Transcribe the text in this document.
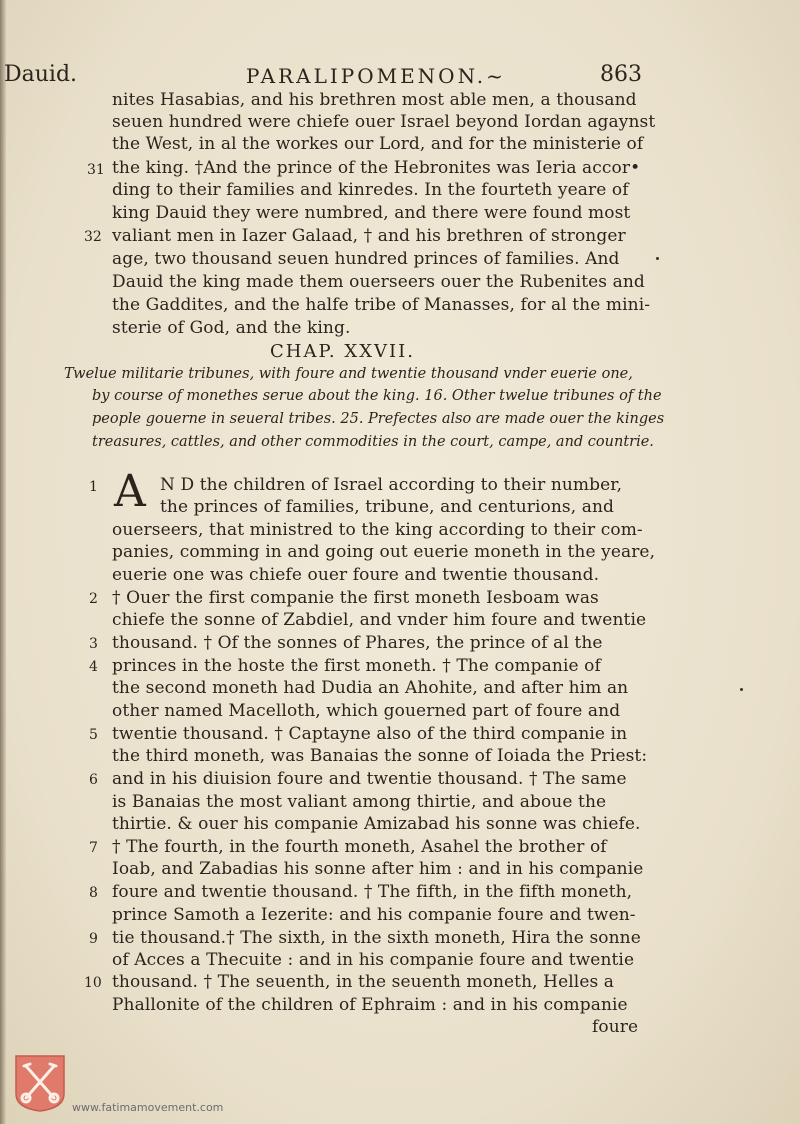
Dauid.	PARALIPOMENON.~	863
nites Hasabias, and his brethren most able men, a thousand
seuen hundred were chiefe ouer Israel beyond Iordan agaynst
the West, in al the workes our Lord, and for the ministerie of
31 the king. †And the prince of the Hebronites was Ieria accor•
ding to their families and kinredes. In the fourteth yeare of
king Dauid they were numbred, and there were found most
32 valiant men in Iazer Galaad, † and his brethren of stronger
age, two thousand seuen hundred princes of families. And
Dauid the king made them ouerseers ouer the Rubenites and
the Gaddites, and the halfe tribe of Manasses, for al the mini-
sterie of God, and the king.
CHAP. XXVII.
Twelue militarie tribunes, with foure and twentie thousand vnder euerie one,
by course of monethes serue about the king. 16. Other twelue tribunes of the
people gouerne in seueral tribes. 25. Prefectes also are made ouer the kinges
treasures, cattles, and other commodities in the court, campe, and countrie.
1 A N D the children of Israel according to their number,
the princes of families, tribune, and centurions, and
ouerseers, that ministred to the king according to their com-
panies, comming in and going out euerie moneth in the yeare,
euerie one was chiefe ouer foure and twentie thousand.
2 † Ouer the first companie the first moneth Iesboam was
chiefe the sonne of Zabdiel, and vnder him foure and twentie
3 thousand. † Of the sonnes of Phares, the prince of al the
4 princes in the hoste the first moneth. † The companie of
the second moneth had Dudia an Ahohite, and after him an
other named Macelloth, which gouerned part of foure and
5 twentie thousand. † Captayne also of the third companie in
the third moneth, was Banaias the sonne of Ioiada the Priest:
6 and in his diuision foure and twentie thousand. † The same
is Banaias the most valiant among thirtie, and aboue the
thirtie. & ouer his companie Amizabad his sonne was chiefe.
7 † The fourth, in the fourth moneth, Asahel the brother of
Ioab, and Zabadias his sonne after him : and in his companie
8 foure and twentie thousand. † The fifth, in the fifth moneth,
prince Samoth a Iezerite: and his companie foure and twen-
9 tie thousand.† The sixth, in the sixth moneth, Hira the sonne
of Acces a Thecuite : and in his companie foure and twentie
10 thousand. † The seuenth, in the seuenth moneth, Helles a
Phallonite of the children of Ephraim : and in his companie
foure
www.fatimamovement.com
